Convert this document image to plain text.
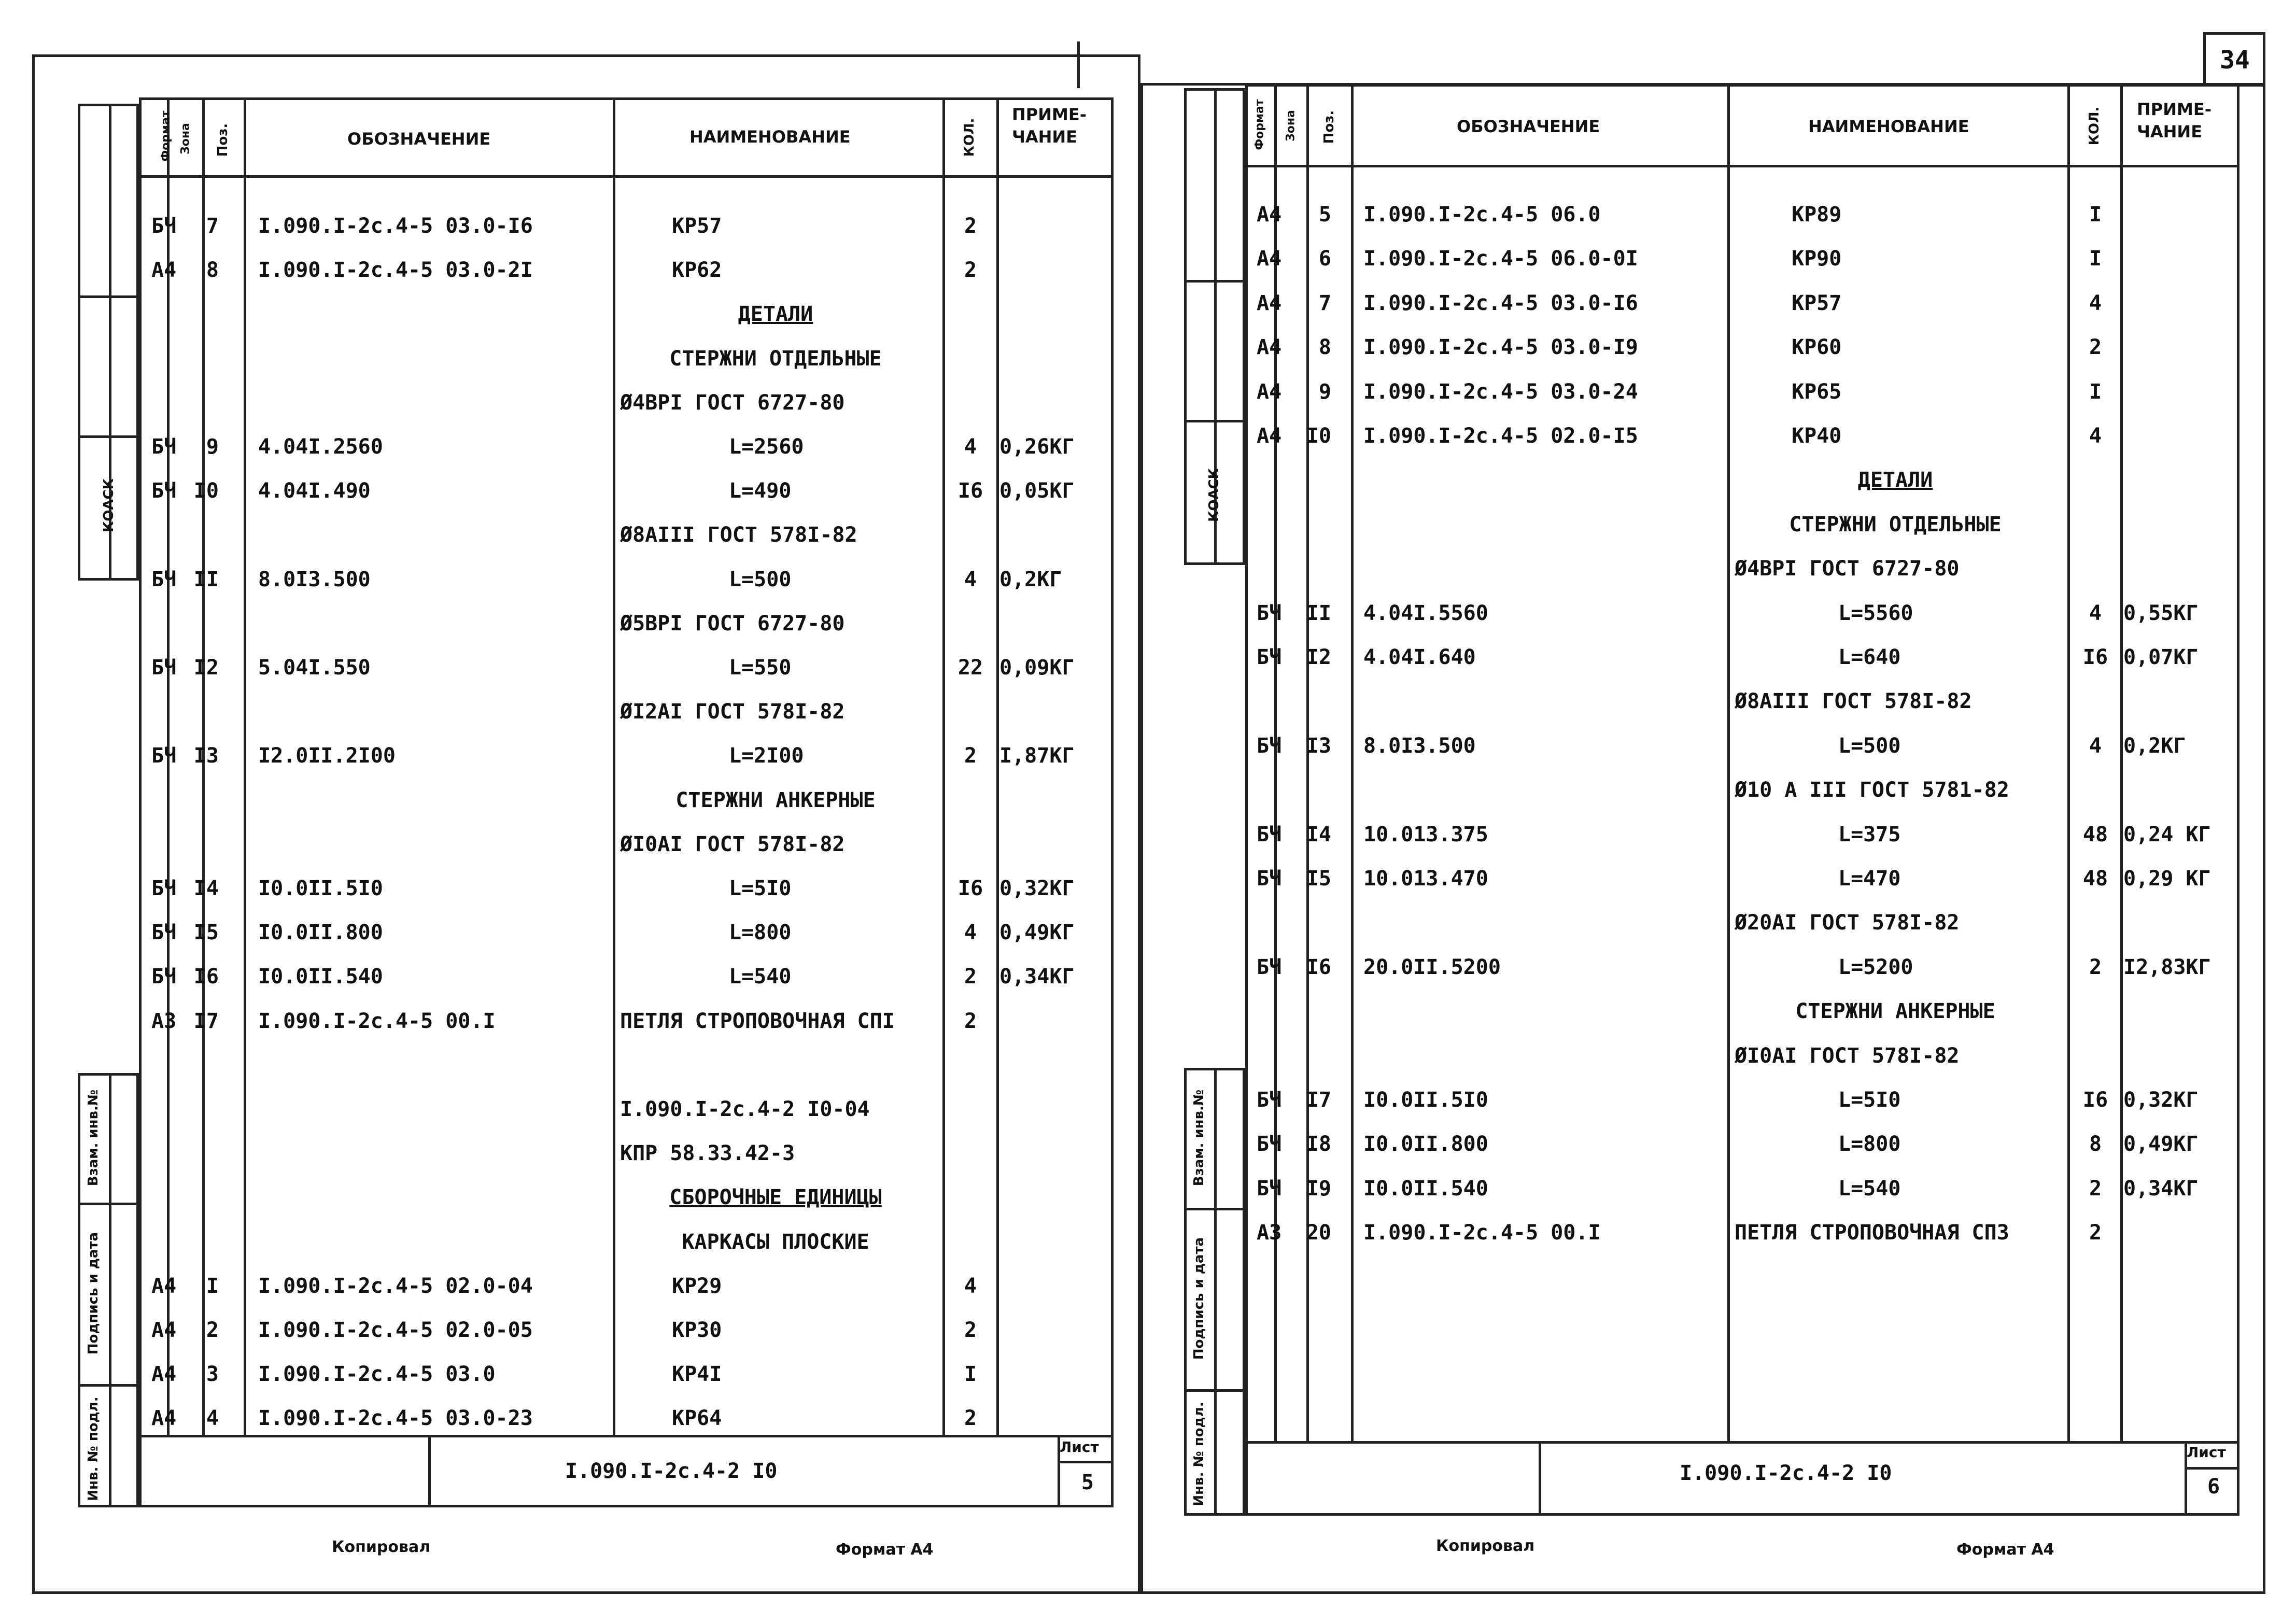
Лист
5
I.090.I-2с.4-2 I0
КОАСК
Взам. инв.№
Подпись и дата
Инв. № подл.
Формат Зона Поз.	ОБОЗНАЧЕНИЕ	НАИМЕНОВАНИЕ	КОЛ.
ПРИМЕ-
ЧАНИЕ
БЧ	7 I.090.I-2с.4-5 03.0-I6	КР57	2
А4	8 I.090.I-2с.4-5 03.0-2I	КР62	2
ДЕТАЛИ
СТЕРЖНИ ОТДЕЛЬНЫЕ
Ø4ВРI ГОСТ 6727-80
БЧ	9 4.04I.2560	L=2560	4	0,26КГ
БЧ I0 4.04I.490	L=490	I6 0,05КГ
Ø8АIII ГОСТ 578I-82
БЧ II 8.0I3.500	L=500	4	0,2КГ
Ø5ВРI ГОСТ 6727-80
БЧ I2 5.04I.550	L=550	22 0,09КГ
ØI2АI ГОСТ 578I-82
БЧ I3 I2.0II.2I00	L=2I00	2	I,87КГ
СТЕРЖНИ АНКЕРНЫЕ
ØI0АI ГОСТ 578I-82
БЧ I4 I0.0II.5I0	L=5I0	I6 0,32КГ
БЧ I5 I0.0II.800	L=800	4	0,49КГ
БЧ I6 I0.0II.540	L=540	2	0,34КГ
А3 I7 I.090.I-2с.4-5 00.I	ПЕТЛЯ СТРОПОВОЧНАЯ СПI	2
I.090.I-2с.4-2 I0-04
КПР 58.33.42-3
СБОРОЧНЫЕ ЕДИНИЦЫ
КАРКАСЫ ПЛОСКИЕ
А4	I I.090.I-2с.4-5 02.0-04	КР29	4
А4	2 I.090.I-2с.4-5 02.0-05	КР30	2
А4	3 I.090.I-2с.4-5 03.0	КР4I	I
А4	4 I.090.I-2с.4-5 03.0-23	КР64	2
Копировал	Формат А4
34
Лист
6
I.090.I-2с.4-2 I0
КОАСК
Взам. инв.№
Подпись и дата
Инв. № подл.
Формат Зона Поз.	ОБОЗНАЧЕНИЕ	НАИМЕНОВАНИЕ	КОЛ. ПРИМЕ-
ЧАНИЕ
А4	5 I.090.I-2с.4-5 06.0	КР89	I
А4	6 I.090.I-2с.4-5 06.0-0I	КР90	I
А4	7 I.090.I-2с.4-5 03.0-I6	КР57	4
А4	8 I.090.I-2с.4-5 03.0-I9	КР60	2
А4	9 I.090.I-2с.4-5 03.0-24	КР65	I
А4 I0 I.090.I-2с.4-5 02.0-I5	КР40	4
ДЕТАЛИ
СТЕРЖНИ ОТДЕЛЬНЫЕ
Ø4ВРI ГОСТ 6727-80
БЧ II 4.04I.5560	L=5560	4	0,55КГ
БЧ I2 4.04I.640	L=640	I6 0,07КГ
Ø8АIII ГОСТ 578I-82
БЧ I3 8.0I3.500	L=500	4	0,2КГ
Ø10 А III ГОСТ 5781-82
БЧ I4 10.013.375	L=375	48 0,24 КГ
БЧ I5 10.013.470	L=470	48 0,29 КГ
Ø20АI ГОСТ 578I-82
БЧ I6 20.0II.5200	L=5200	2	I2,83КГ
СТЕРЖНИ АНКЕРНЫЕ
ØI0АI ГОСТ 578I-82
БЧ I7 I0.0II.5I0	L=5I0	I6 0,32КГ
БЧ I8 I0.0II.800	L=800	8	0,49КГ
БЧ I9 I0.0II.540	L=540	2	0,34КГ
А3 20 I.090.I-2с.4-5 00.I	ПЕТЛЯ СТРОПОВОЧНАЯ СП3	2
Копировал	Формат А4
